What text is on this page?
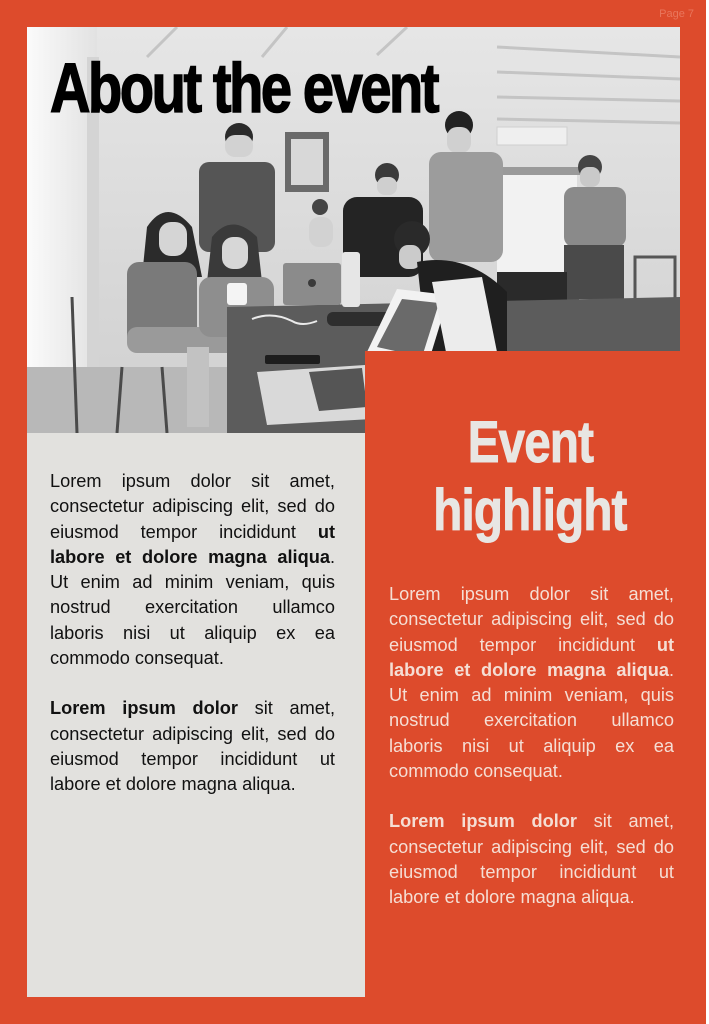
Page 7
About the event

Lorem ipsum dolor sit amet, consectetur adipiscing elit, sed do eiusmod tempor incididunt ut labore et dolore magna aliqua. Ut enim ad minim veniam, quis nostrud exercitation ullamco laboris nisi ut aliquip ex ea commodo consequat.

Lorem ipsum dolor sit amet, consectetur adipiscing elit, sed do eiusmod tempor incididunt ut labore et dolore magna aliqua.

Event
highlight

Lorem ipsum dolor sit amet, consectetur adipiscing elit, sed do eiusmod tempor incididunt ut labore et dolore magna aliqua. Ut enim ad minim veniam, quis nostrud exercitation ullamco laboris nisi ut aliquip ex ea commodo consequat.

Lorem ipsum dolor sit amet, consectetur adipiscing elit, sed do eiusmod tempor incididunt ut labore et dolore magna aliqua.
